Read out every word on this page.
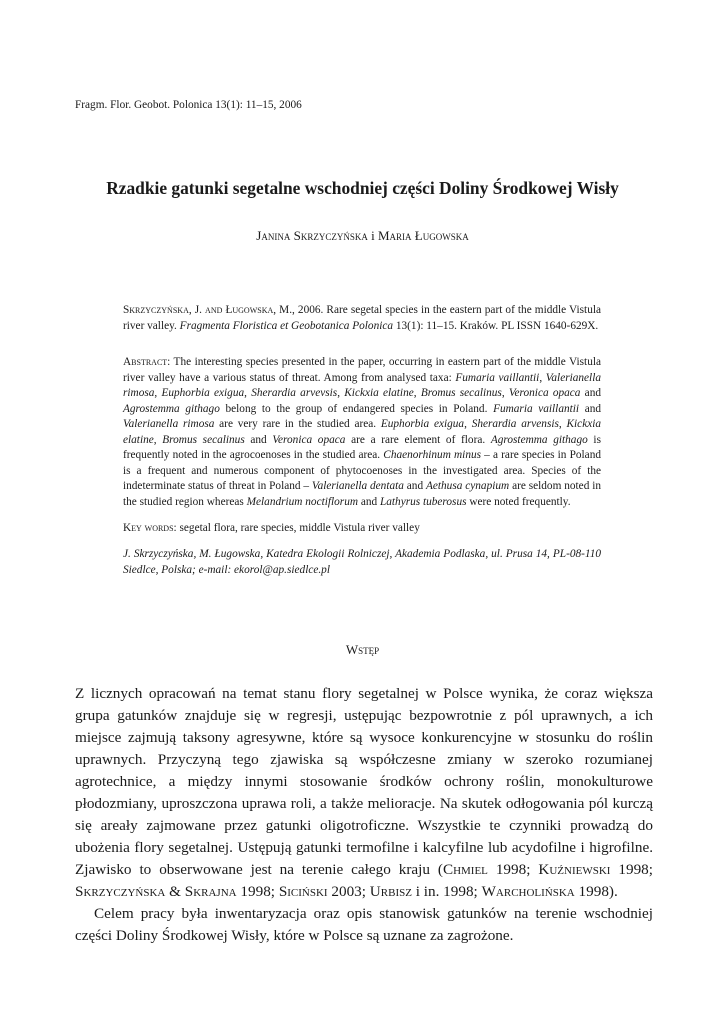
Fragm. Flor. Geobot. Polonica 13(1): 11–15, 2006
Rzadkie gatunki segetalne wschodniej części Doliny Środkowej Wisły
Janina Skrzyczyńska i Maria Ługowska

Skrzyczyńska, J. and Ługowska, M., 2006. Rare segetal species in the eastern part of the middle Vistula river valley. Fragmenta Floristica et Geobotanica Polonica 13(1): 11–15. Kraków. PL ISSN 1640-629X.

Abstract: The interesting species presented in the paper, occurring in eastern part of the middle Vistula river valley have a various status of threat. Among from analysed taxa: Fumaria vaillantii, Valerianella rimosa, Euphorbia exigua, Sherardia arvevsis, Kickxia elatine, Bromus secalinus, Veronica opaca and Agrostemma githago belong to the group of endangered species in Poland. Fumaria vaillantii and Valerianella rimosa are very rare in the studied area. Euphorbia exigua, Sherardia arvensis, Kickxia elatine, Bromus secalinus and Veronica opaca are a rare element of flora. Agrostemma githago is frequently noted in the agrocoenoses in the studied area. Chaenorhinum minus – a rare species in Poland is a frequent and numerous component of phytocoenoses in the investigated area. Species of the indeterminate status of threat in Poland – Valerianella dentata and Aethusa cynapium are seldom noted in the studied region whereas Melandrium noctiflorum and Lathyrus tuberosus were noted frequently.

Key words: segetal flora, rare species, middle Vistula river valley

J. Skrzyczyńska, M. Ługowska, Katedra Ekologii Rolniczej, Akademia Podlaska, ul. Prusa 14, PL-08-110 Siedlce, Polska; e-mail: ekorol@ap.siedlce.pl

Wstęp

Z licznych opracowań na temat stanu flory segetalnej w Polsce wynika, że coraz większa grupa gatunków znajduje się w regresji, ustępując bezpowrotnie z pól uprawnych, a ich miejsce zajmują taksony agresywne, które są wysoce konkurencyjne w stosunku do roślin uprawnych. Przyczyną tego zjawiska są współczesne zmiany w szeroko rozumianej agrotechnice, a między innymi stosowanie środków ochrony roślin, monokulturowe płodozmiany, uproszczona uprawa roli, a także melioracje. Na skutek odłogowania pól kurczą się areały zajmowane przez gatunki oligotroficzne. Wszystkie te czynniki prowadzą do ubożenia flory segetalnej. Ustępują gatunki termofilne i kalcyfilne lub acydofilne i higrofilne. Zjawisko to obserwowane jest na terenie całego kraju (Chmiel 1998; Kuźniewski 1998; Skrzyczyńska & Skrajna 1998; Siciński 2003; Urbisz i in. 1998; Warcholińska 1998).

Celem pracy była inwentaryzacja oraz opis stanowisk gatunków na terenie wschodniej części Doliny Środkowej Wisły, które w Polsce są uznane za zagrożone.
